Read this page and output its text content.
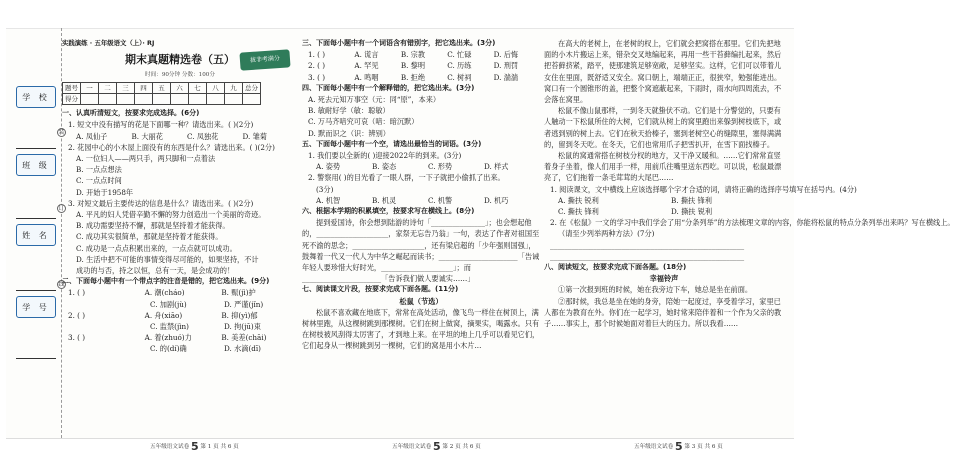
学 校
班 级
姓 名
学 号
装
订
线
实践演练 · 五年级语文（上）· RJ
期末真题精选卷（五）	拔非考满分
时间：90分钟 分数：100分
题号	一	二	三	四	五	六	七	八	九	总分
得分										
一、认真听清短文，按要求完成选择。(6分)
1. 短文中没有描写的花是下面哪一种？请选出来。( )(2分)
A. 凤仙子	B. 大丽花	C. 凤独花	D. 雏菊
2. 花园中心的小木屋上面没有的东西是什么？请选出来。( )(2分)
A. 一位妇人——两只手，两只脚和一点着法
B. 一点点想法
C. 一点点时间
D. 开始于1958年
3. 对短文最后主要传达的信息是什么？请选出来。( )(2分)
A. 平凡的妇人凭借辛勤不懈的努力创造出一个美丽的奇迹。
B. 成功需要坚持不懈，那就是坚持着才能获得。
C. 成功其实很简单，那就是坚持着才能获得。
C. 成功是一点点积累出来的，一点点就可以成功。
D. 生活中把不可能的事情变得尽可能的，如果坚持，不计
成功的与否，持之以恒，总有一天，是会成功的！
二、下面每小题中有一个带点字的注音是错的，把它选出来。(9分)
1. ( )	A. 潮(cháo)	B. 赈(jì)护
C. 加剧(jù)	D. 严谨(jǐn)
2. ( )	A. 舟(xiāo)	B. 抑(yì)郁
C. 监禁(jìn)	D. 拘(jū)束
3. ( )	A. 着(zhuó)力	B. 美差(chāi)
C. 的(dí)确	D. 水滴(dī)
三、下面每小题中有一个词语含有错别字，把它选出来。(3分)
1. ( )	A. 谎言	B. 宗教	C. 忙碌	D. 后悔
2. ( )	A. 罕见	B. 黎明	C. 历练	D. 刑罚
3. ( )	A. 鸣咽	B. 拒绝	C. 树祠	D. 湍湍
四、下面每小题中有一个解释错的，把它选出来。(3分)
A. 死去元知万事空（元：同“原”，本来）
B. 敏耐好学（敏：聪敏）
C. 万马齐喑究可哀（喑：暗沉默）
D. 默而识之（识：辨别）
五、下面每小题中有一个空，请选出最恰当的词语。(3分)
1. 我们要以全新的( )迎接2022年的到来。(3分)
A. 姿势	B. 姿态	C. 形势	D. 样式
2. 警察用( )的目光看了一眼人群，一下子就把小偷抓了出来。
(3分)
A. 机智	B. 机灵	C. 机警	D. 机巧
六、根据本学期的积累填空，按要求写在横线上。(8分)
提到爱国诗，你会想到陆游的诗句「_______________」；也会想起他的，____________________，家祭无忘告乃翁」一句，表达了作者对祖国至死不渝的思念；____________________，还有梁启超的「少年强则国强」，鼓舞着一代又一代人为中华之崛起而读书；______________________「告诫年轻人要珍惜大好时光，____________________」；而______________________「告诉我们做人要诚实……」
七、阅读课文片段，按要求完成下面各题。(11分)
松鼠（节选）
松鼠不喜欢藏在地底下，常常在高处活动，像飞鸟一样住在树顶上，满树林里跑，从这棵树跳到那棵树。它们在树上做窝，摘果实，喝露水。只有在树枝被风刮得太厉害了，才到地上来。在平坦的地上几乎可以看见它们，它们起身从一棵树跳到另一棵树，它们的窝是用小木片...
在高大的老树上，在老树的杈上，它们就会把窝搭在那里。它们先把地面的小木片搬运上来，错杂交叉地编起来，再用一些干苔藓编扎起来，然后把苔藓挤紧，踏平，使那建筑足够宽敞，足够坚实。这样，它们可以带着儿女住在里面，既舒适又安全。窝口朝上，端端正正，很狭窄，勉强能进出。窝口有一个圆锥形的盖，把整个窝遮蔽起来，下雨时，雨水向四周流去，不会落在窝里。
松鼠不像山鼠那样，一到冬天就蛰伏不动。它们是十分警觉的，只要有人触动一下松鼠所住的大树，它们就从树上的窝里跑出来躲到树枝底下，或者逃到别的树上去。它们在秋天拾榛子，塞到老树空心的缝隙里，塞得满满的，留到冬天吃。在冬天，它们也常用爪子把雪扒开，在雪下面找榛子。
松鼠的窝通常搭在树枝分杈的地方，又干净又暖和。……它们常常直竖着身子坐着，像人们用手一样，用前爪往嘴里送东西吃。可以说，松鼠最漂亮了，它们拖着一条毛茸茸的大尾巴……
1. 阅读课文，文中横线上应该选择哪个字才合适的词，请将正确的选择序号填写在括号内。(4分)
A. 撕扶 锐利	B. 撕扶 锋利
C. 撕扶 锋利	D. 撕扶 锐利
2. 在《松鼠》一文的学习中我们学会了用“分条列举”的方法梳理文章的内容，你能将松鼠的特点分条列举出来吗？写在横线上。
（请至少列举两种方法）(7分)
______________________________________________________
______________________________________________________
八、阅读短文，按要求完成下面各题。(18分)
幸福铃声
①第一次报到班的时候，她在我旁边下车，她总是坐在前面。
②那时候，我总是坐在她的身旁，陪她一起度过，享受着学习，家里已人都在为教育在外。你们在一起学习，她时常来陪伴着和一个作为父亲的教子……事实上，那个时候她面对着巨大的压力。所以我看……
五年级语文试卷 5 第 1 页 共 6 页	五年级语文试卷 5 第 2 页 共 6 页	五年级语文试卷 5 第 3 页 共 6 页
